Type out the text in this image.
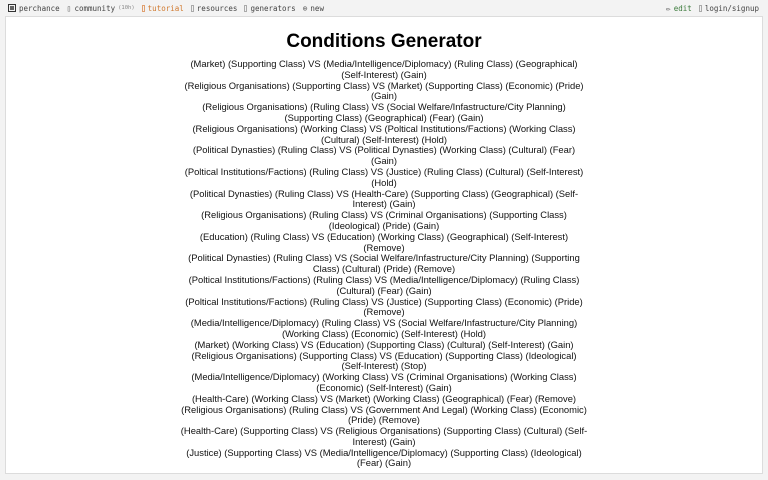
perchance ▯ community (10h) tutorial resources generators ⊕ new	✏ edit login/signup
Conditions Generator
(Market) (Supporting Class) VS (Media/Intelligence/Diplomacy) (Ruling Class) (Geographical) (Self-Interest) (Gain)
(Religious Organisations) (Supporting Class) VS (Market) (Supporting Class) (Economic) (Pride) (Gain)
(Religious Organisations) (Ruling Class) VS (Social Welfare/Infastructure/City Planning) (Supporting Class) (Geographical) (Fear) (Gain)
(Religious Organisations) (Working Class) VS (Poltical Institutions/Factions) (Working Class) (Cultural) (Self-Interest) (Hold)
(Political Dynasties) (Ruling Class) VS (Political Dynasties) (Working Class) (Cultural) (Fear) (Gain)
(Poltical Institutions/Factions) (Ruling Class) VS (Justice) (Ruling Class) (Cultural) (Self-Interest) (Hold)
(Political Dynasties) (Ruling Class) VS (Health-Care) (Supporting Class) (Geographical) (Self-Interest) (Gain)
(Religious Organisations) (Ruling Class) VS (Criminal Organisations) (Supporting Class) (Ideological) (Pride) (Gain)
(Education) (Ruling Class) VS (Education) (Working Class) (Geographical) (Self-Interest) (Remove)
(Political Dynasties) (Ruling Class) VS (Social Welfare/Infastructure/City Planning) (Supporting Class) (Cultural) (Pride) (Remove)
(Poltical Institutions/Factions) (Ruling Class) VS (Media/Intelligence/Diplomacy) (Ruling Class) (Cultural) (Fear) (Gain)
(Poltical Institutions/Factions) (Ruling Class) VS (Justice) (Supporting Class) (Economic) (Pride) (Remove)
(Media/Intelligence/Diplomacy) (Ruling Class) VS (Social Welfare/Infastructure/City Planning) (Working Class) (Economic) (Self-Interest) (Hold)
(Market) (Working Class) VS (Education) (Supporting Class) (Cultural) (Self-Interest) (Gain)
(Religious Organisations) (Supporting Class) VS (Education) (Supporting Class) (Ideological) (Self-Interest) (Stop)
(Media/Intelligence/Diplomacy) (Working Class) VS (Criminal Organisations) (Working Class) (Economic) (Self-Interest) (Gain)
(Health-Care) (Working Class) VS (Market) (Working Class) (Geographical) (Fear) (Remove)
(Religious Organisations) (Ruling Class) VS (Government And Legal) (Working Class) (Economic) (Pride) (Remove)
(Health-Care) (Supporting Class) VS (Religious Organisations) (Supporting Class) (Cultural) (Self-Interest) (Gain)
(Justice) (Supporting Class) VS (Media/Intelligence/Diplomacy) (Supporting Class) (Ideological) (Fear) (Gain)
